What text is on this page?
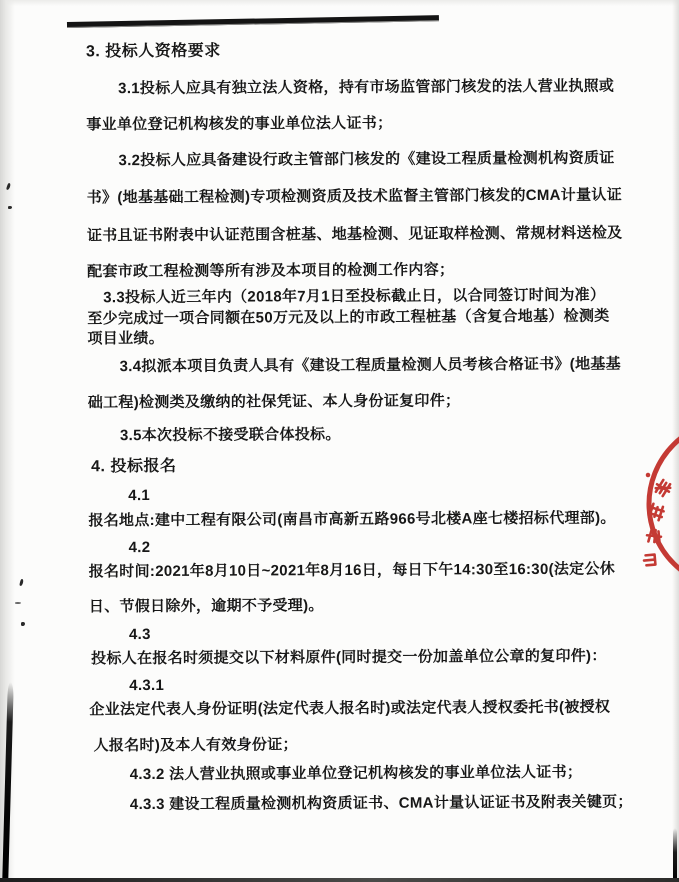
3. 投标人资格要求
3.1投标人应具有独立法人资格，持有市场监管部门核发的法人营业执照或
事业单位登记机构核发的事业单位法人证书；
3.2投标人应具备建设行政主管部门核发的《建设工程质量检测机构资质证
书》(地基基础工程检测)专项检测资质及技术监督主管部门核发的CMA计量认证
证书且证书附表中认证范围含桩基、地基检测、见证取样检测、常规材料送检及
配套市政工程检测等所有涉及本项目的检测工作内容；
3.3投标人近三年内（2018年7月1日至投标截止日，以合同签订时间为准）
至少完成过一项合同额在50万元及以上的市政工程桩基（含复合地基）检测类
项目业绩。
3.4拟派本项目负责人具有《建设工程质量检测人员考核合格证书》(地基基
础工程)检测类及缴纳的社保凭证、本人身份证复印件；
3.5本次投标不接受联合体投标。
4. 投标报名
4.1
报名地点:建中工程有限公司(南昌市高新五路966号北楼A座七楼招标代理部)。
4.2
报名时间:2021年8月10日~2021年8月16日，每日下午14:30至16:30(法定公休
日、节假日除外，逾期不予受理)。
4.3
投标人在报名时须提交以下材料原件(同时提交一份加盖单位公章的复印件)：
4.3.1
企业法定代表人身份证明(法定代表人报名时)或法定代表人授权委托书(被授权
人报名时)及本人有效身份证；
4.3.2 法人营业执照或事业单位登记机构核发的事业单位法人证书；
4.3.3 建设工程质量检测机构资质证书、CMA计量认证证书及附表关键页；
